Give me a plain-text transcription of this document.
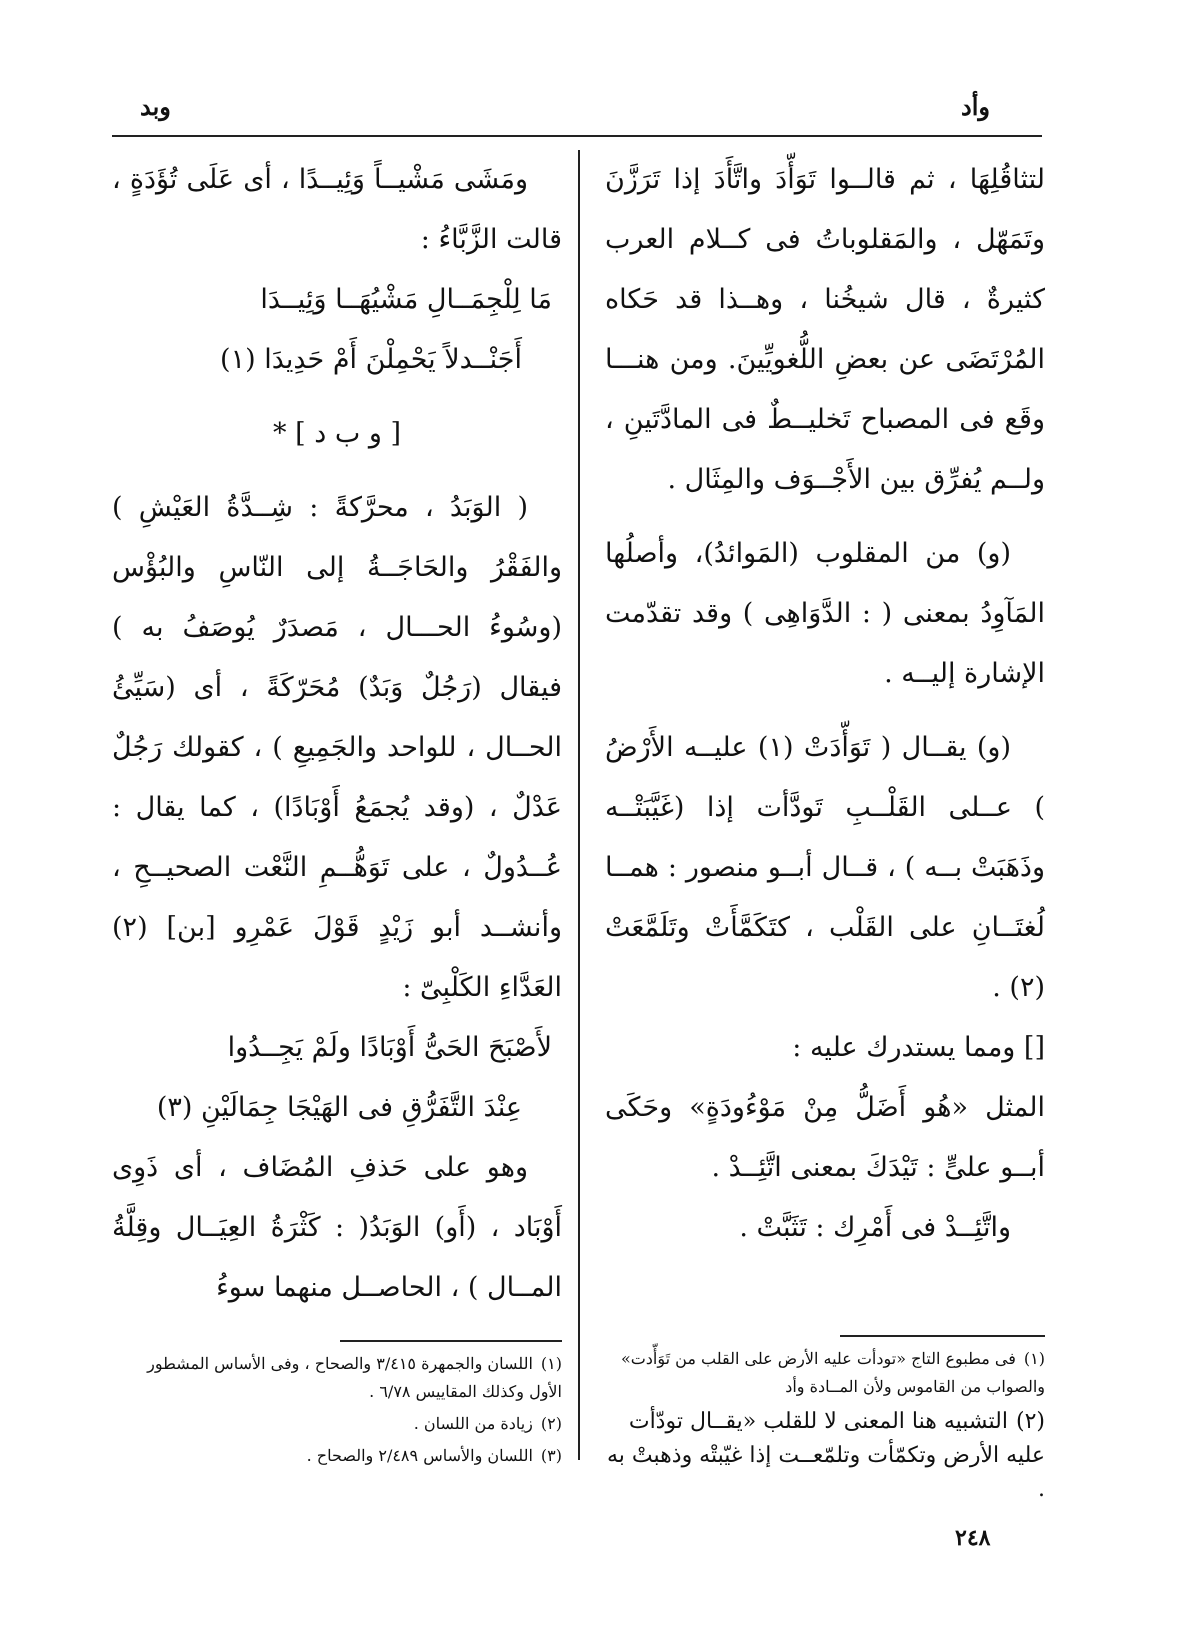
وأد
وبد

لتثاقُلِهَا ، ثم قالــوا تَوَأّدَ واتَّأَدَ إذا تَرَزَّنَ وتَمَهّل ، والمَقلوباتُ فى كــلام العرب كثيرةٌ ، قال شيخُنا ، وهــذا قد حَكاه المُرْتَضَى عن بعضِ اللُّغويِّينَ. ومن هنـــا وقَع فى المصباح تَخليــطٌ فى المادَّتَينِ ، ولــم يُفرِّق بين الأَجْــوَف والمِثَال .

(و) من المقلوب (المَوائدُ)، وأصلُها المَآوِدُ بمعنى ( : الدَّوَاهِى ) وقد تقدّمت الإشارة إليــه .

(و) يقــال ( تَوَأّدَتْ (١) عليــه الأَرْضُ ) عــلى القَلْــبِ تَودَّأت إذا (غَيَّبَتْــه وذَهَبَتْ بــه ) ، قــال أبــو منصور : همــا لُغتَــانِ على القَلْب ، كتَكَمَّأَتْ وتَلَمَّعَتْ (٢) .

[] ومما يستدرك عليه :

المثل «هُو أَضَلُّ مِنْ مَوْءُودَةٍ» وحَكَى أبــو علىٍّ : تَيْدَكَ بمعنى اتَّئِــدْ .

واتَّئِــدْ فى أَمْرِك : تَثَبَّتْ .

(١)فى مطبوع التاج «تودأت عليه الأرض على القلب من تَوَأّدت» والصواب من القاموس ولأن المــادة وأد

(٢)التشبيه هنا المعنى لا للقلب «يقــال تودّأت عليه الأرض وتكمّأت وتلمّعــت إذا غيّبتْه وذهبتْ به .

ومَشَى مَشْيــاً وَئِيــدًا ، أى عَلَى تُؤَدَةٍ ، قالت الزَّبَّاءُ :

مَا لِلْجِمَــالِ مَشْيُهَــا وَئِيــدَا

أَجَنْــدلاً يَحْمِلْنَ أَمْ حَدِيدَا (١)

[ و ب د ] *

( الوَبَدُ ، محرَّكةً : شِــدَّةُ العَيْشِ ) والفَقْرُ والحَاجَــةُ إلى النّاسِ والبُؤْس (وسُوءُ الحـــال ، مَصدَرٌ يُوصَفُ به ) فيقال (رَجُلٌ وَبَدٌ) مُحَرّكَةً ، أى (سَيِّئُ الحــال ، للواحد والجَمِيعِ ) ، كقولك رَجُلٌ عَدْلٌ ، (وقد يُجمَعُ أَوْبَادًا) ، كما يقال : عُــدُولٌ ، على تَوَهُّــمِ النَّعْت الصحيــحِ ، وأنشــد أبو زَيْدٍ قَوْلَ عَمْرِو [بن] (٢) العَدَّاءِ الكَلْبِىّ :

لأَصْبَحَ الحَىُّ أَوْبَادًا ولَمْ يَجِــدُوا

عِنْدَ التَّفَرُّقِ فى الهَيْجَا جِمَالَيْنِ (٣)

وهو على حَذفِ المُضَاف ، أى ذَوِى أَوْبَاد ، (أَو) الوَبَدُ( : كَثْرَةُ العِيَــال وقِلَّةُ المــال ) ، الحاصــل منهما سوءُ

(١)اللسان والجمهرة ٣/٤١٥ والصحاح ، وفى الأساس المشطور الأول وكذلك المقاييس ٦/٧٨ .

(٢)زيادة من اللسان .

(٣)اللسان والأساس ٢/٤٨٩ والصحاح .

٢٤٨
